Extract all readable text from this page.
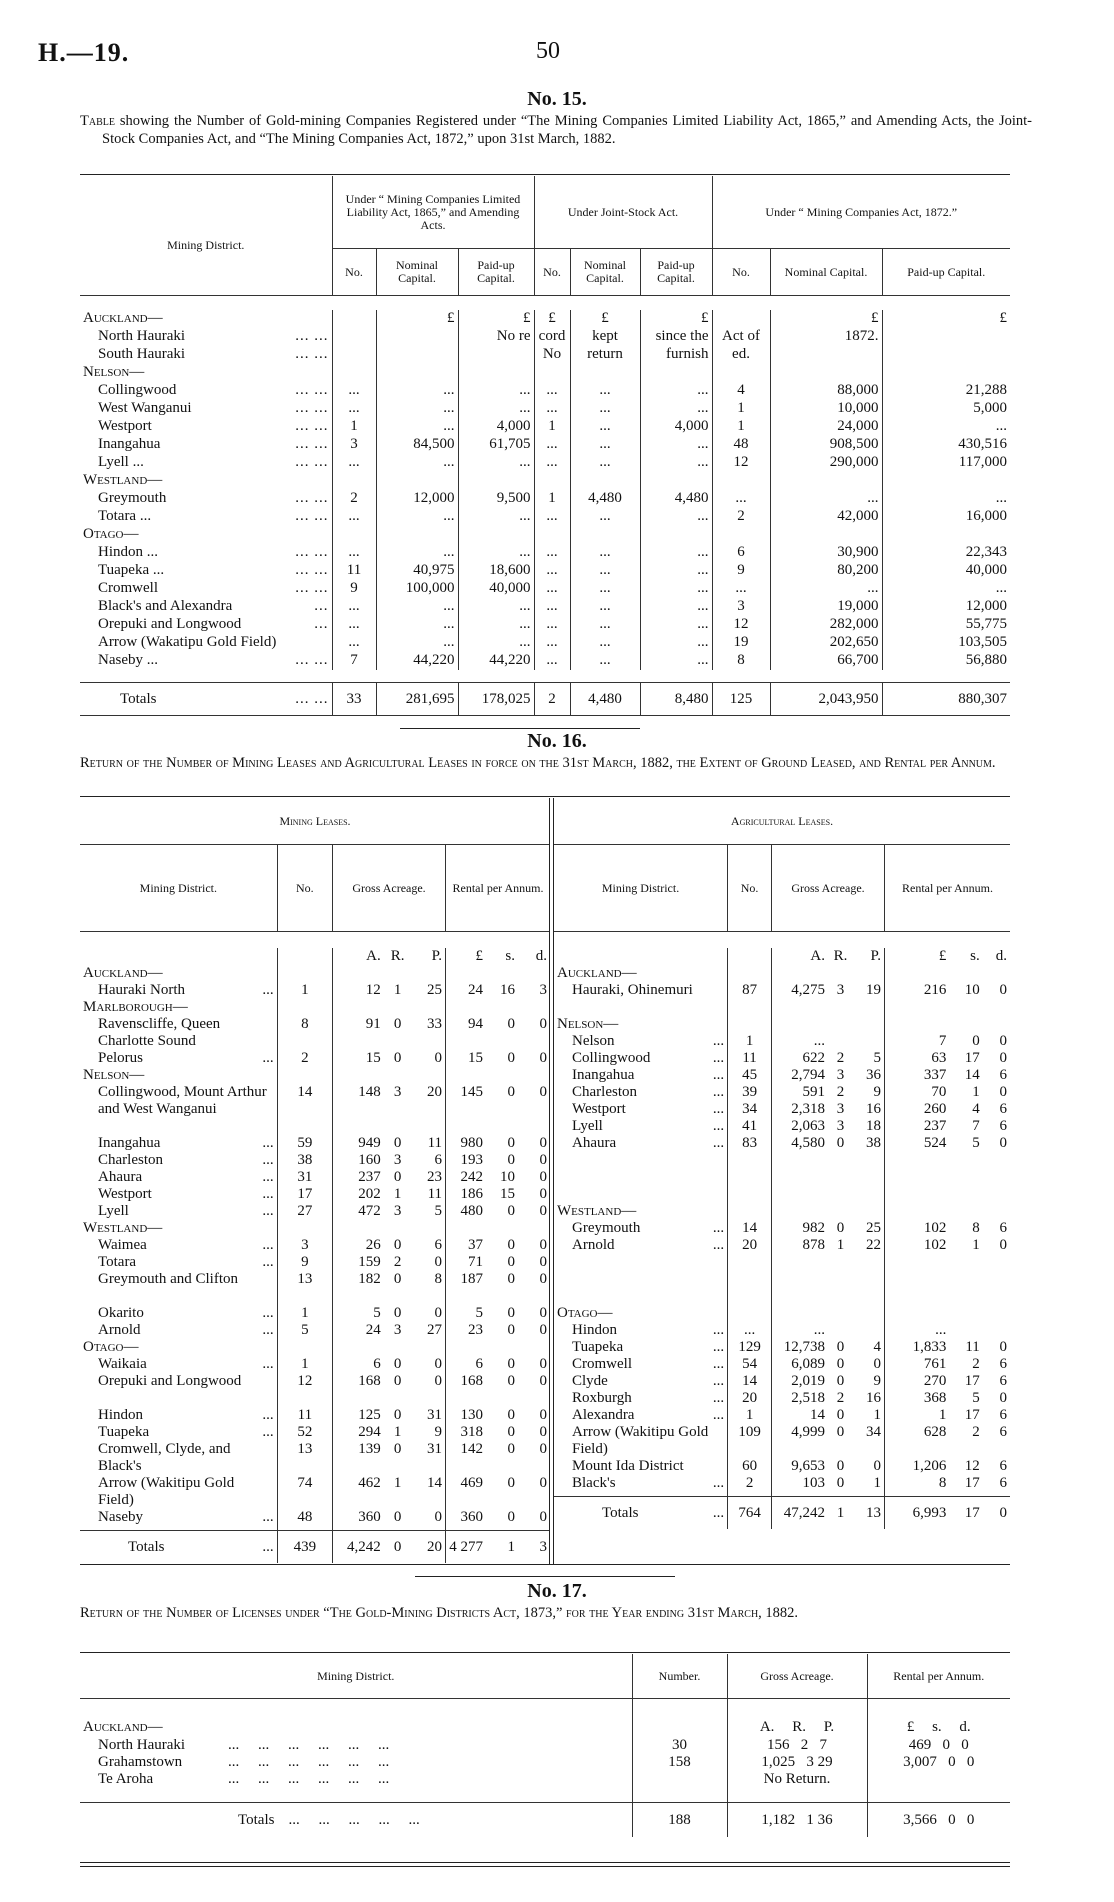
H.—19.	50
No. 15.
Table showing the Number of Gold-mining Companies Registered under “The Mining Companies Limited Liability Act, 1865,” and Amending Acts, the Joint-Stock Companies Act, and “The Mining Companies Act, 1872,” upon 31st March, 1882.
Mining District.	Under “ Mining Companies Limited Liability Act, 1865,” and Amending Acts.			Under Joint-Stock Act.			Under “ Mining Companies Act, 1872.”		
	No.	Nominal Capital.	Paid-up Capital.	No.	Nominal Capital.	Paid-up Capital.	No.	Nominal Capital.	Paid-up Capital.

Auckland—		£	£	£	£	£		£	£
North Hauraki ... ...			No re	cord	kept	since the	Act of	1872.	
South Hauraki ... ...				No	return	furnish	ed.		
Nelson—									
Collingwood ... ...	...	...	...	...	...	...	4	88,000	21,288
West Wanganui ... ...	...	...	...	...	...	...	1	10,000	5,000
Westport ... ...	1	...	4,000	1	...	4,000	1	24,000	...
Inangahua ... ...	3	84,500	61,705	...	...	...	48	908,500	430,516
Lyell ... ... ...	...	...	...	...	...	...	12	290,000	117,000
Westland—									
Greymouth ... ...	2	12,000	9,500	1	4,480	4,480	...	...	...
Totara ... ... ...	...	...	...	...	...	...	2	42,000	16,000
Otago—									
Hindon ... ... ...	...	...	...	...	...	...	6	30,900	22,343
Tuapeka ... ... ...	11	40,975	18,600	...	...	...	9	80,200	40,000
Cromwell ... ...	9	100,000	40,000	...	...	...	...	...	...
Black's and Alexandra ...	...	...	...	...	...	...	3	19,000	12,000
Orepuki and Longwood ...	...	...	...	...	...	...	12	282,000	55,775
Arrow (Wakatipu Gold Field)	...	...	...	...	...	...	19	202,650	103,505
Naseby ... ... ...	7	44,220	44,220	...	...	...	8	66,700	56,880

Totals ... ...	33	281,695	178,025	2	4,480	8,480	125	2,043,950	880,307
No. 16.
Return of the Number of Mining Leases and Agricultural Leases in force on the 31st March, 1882, the Extent of Ground Leased, and Rental per Annum.
Mining Leases.							
Mining District.	No.	Gross Acreage.			Rental per Annum.		

		A.	R.	P.	£	s.	d.
Auckland—							
Hauraki North ...	1	12	1	25	24	16	3
Marlborough—							
Ravenscliffe, Queen Charlotte Sound	8	91	0	33	94	0	0
Pelorus ...	2	15	0	0	15	0	0
Nelson—							
Collingwood, Mount Arthur and West Wanganui	14	148	3	20	145	0	0
Inangahua ...	59	949	0	11	980	0	0
Charleston ...	38	160	3	6	193	0	0
Ahaura ...	31	237	0	23	242	10	0
Westport ...	17	202	1	11	186	15	0
Lyell ...	27	472	3	5	480	0	0
Westland—							
Waimea ...	3	26	0	6	37	0	0
Totara ...	9	159	2	0	71	0	0
Greymouth and Clifton	13	182	0	8	187	0	0
Okarito ...	1	5	0	0	5	0	0
Arnold ...	5	24	3	27	23	0	0
Otago—							
Waikaia ...	1	6	0	0	6	0	0
Orepuki and Longwood	12	168	0	0	168	0	0
Hindon ...	11	125	0	31	130	0	0
Tuapeka ...	52	294	1	9	318	0	0
Cromwell, Clyde, and Black's	13	139	0	31	142	0	0
Arrow (Wakitipu Gold Field)	74	462	1	14	469	0	0
Naseby ...	48	360	0	0	360	0	0

Totals ...	439	4,242	0	20	4 277	1	3
Agricultural Leases.							
Mining District.	No.	Gross Acreage.			Rental per Annum.		

		A.	R.	P.	£	s.	d.
Auckland—							
Hauraki, Ohinemuri	87	4,275	3	19	216	10	0

Nelson—							
Nelson ...	1	...			7	0	0
Collingwood ...	11	622	2	5	63	17	0
Inangahua ...	45	2,794	3	36	337	14	6
Charleston ...	39	591	2	9	70	1	0
Westport ...	34	2,318	3	16	260	4	6
Lyell ...	41	2,063	3	18	237	7	6
Ahaura ...	83	4,580	0	38	524	5	0

Westland—							
Greymouth ...	14	982	0	25	102	8	6
Arnold ...	20	878	1	22	102	1	0

Otago—							
Hindon ...	...	...			...		
Tuapeka ...	129	12,738	0	4	1,833	11	0
Cromwell ...	54	6,089	0	0	761	2	6
Clyde ...	14	2,019	0	9	270	17	6
Roxburgh ...	20	2,518	2	16	368	5	0
Alexandra ...	1	14	0	1	1	17	6
Arrow (Wakitipu Gold Field)	109	4,999	0	34	628	2	6
Mount Ida District	60	9,653	0	0	1,206	12	6
Black's ...	2	103	0	1	8	17	6

Totals ...	764	47,242	1	13	6,993	17	0
No. 17.
Return of the Number of Licenses under “The Gold-Mining Districts Act, 1873,” for the Year ending 31st March, 1882.
Mining District.	Number.	Gross Acreage.	Rental per Annum.

Auckland—		A. R. P.	£ s. d.
North Hauraki ...     ...     ...     ...     ...     ...	30	156   2   7	469   0   0
Grahamstown ...     ...     ...     ...     ...     ...	158	1,025   3 29	3,007   0   0
Te Aroha ...     ...     ...     ...     ...     ...		No Return.	

Totals ...     ...     ...     ...     ...	188	1,182   1 36	3,566   0   0
